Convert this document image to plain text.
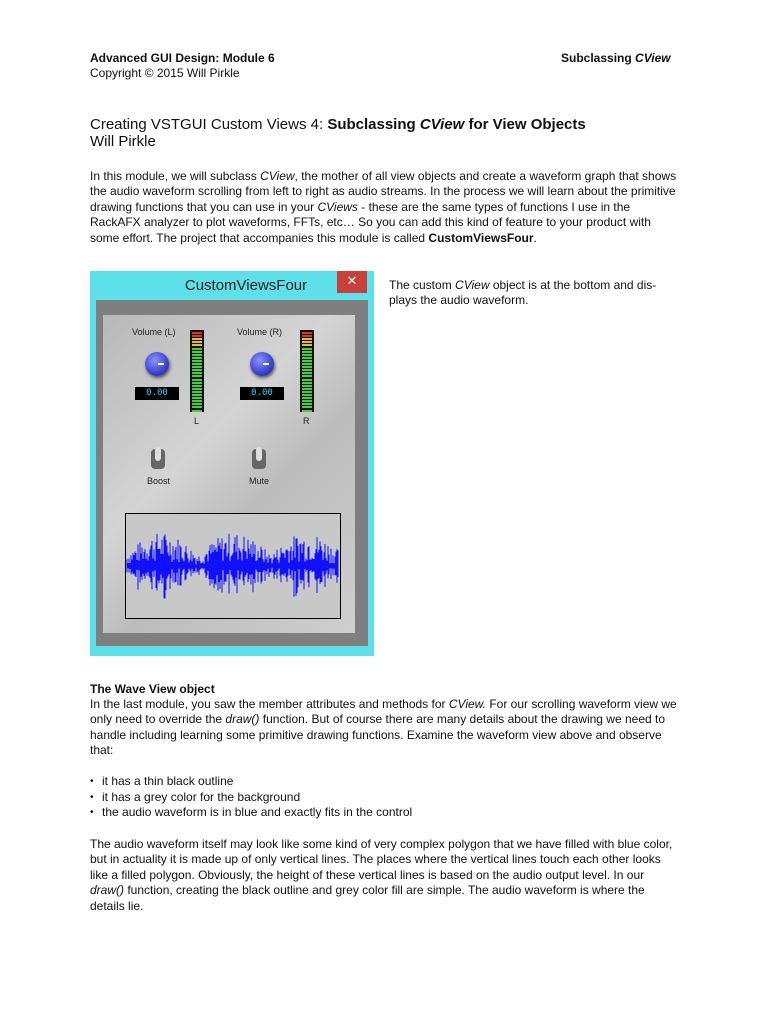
Advanced GUI Design: Module 6	Subclassing CView
Copyright © 2015 Will Pirkle
Creating VSTGUI Custom Views 4: Subclassing CView for View Objects
Will Pirkle
In this module, we will subclass CView, the mother of all view objects and create a waveform graph that shows the audio waveform scrolling from left to right as audio streams. In the process we will learn about the primitive drawing functions that you can use in your CViews - these are the same types of functions I use in the RackAFX analyzer to plot waveforms, FFTs, etc… So you can add this kind of feature to your product with some effort. The project that accompanies this module is called CustomViewsFour.
CustomViewsFour	✕
Volume (L)
0.00
Volume (R)
0.00
L	R
Boost	Mute
The custom CView object is at the bottom and dis-plays the audio waveform.
The Wave View object
In the last module, you saw the member attributes and methods for CView. For our scrolling waveform view we only need to override the draw() function. But of course there are many details about the drawing we need to handle including learning some primitive drawing functions. Examine the waveform view above and observe that:
• it has a thin black outline
• it has a grey color for the background
• the audio waveform is in blue and exactly fits in the control
The audio waveform itself may look like some kind of very complex polygon that we have filled with blue color, but in actuality it is made up of only vertical lines. The places where the vertical lines touch each other looks like a filled polygon. Obviously, the height of these vertical lines is based on the audio output level. In our draw() function, creating the black outline and grey color fill are simple. The audio waveform is where the details lie.
